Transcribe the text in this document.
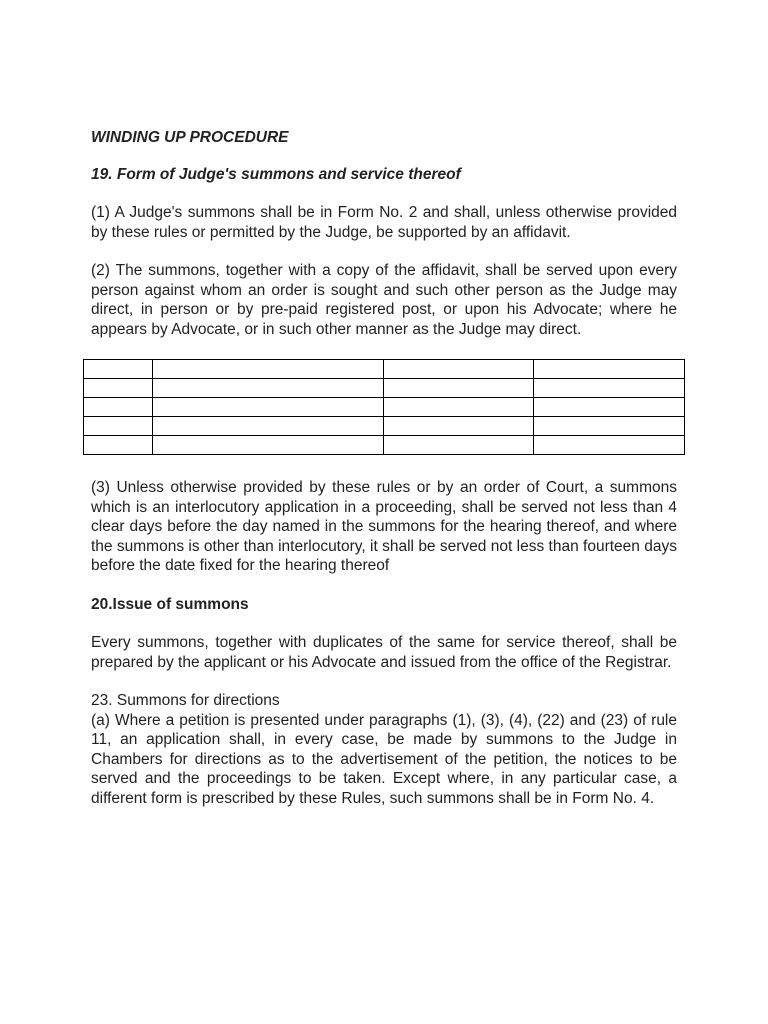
WINDING UP PROCEDURE

19. Form of Judge's summons and service thereof

(1) A Judge's summons shall be in Form No. 2 and shall, unless otherwise provided by these rules or permitted by the Judge, be supported by an affidavit.

(2) The summons, together with a copy of the affidavit, shall be served upon every person against whom an order is sought and such other person as the Judge may direct, in person or by pre-paid registered post, or upon his Advocate; where he appears by Advocate, or in such other manner as the Judge may direct.

(3) Unless otherwise provided by these rules or by an order of Court, a summons which is an interlocutory application in a proceeding, shall be served not less than 4 clear days before the day named in the summons for the hearing thereof, and where the summons is other than interlocutory, it shall be served not less than fourteen days before the date fixed for the hearing thereof

20.Issue of summons

Every summons, together with duplicates of the same for service thereof, shall be prepared by the applicant or his Advocate and issued from the office of the Registrar.

23. Summons for directions

(a) Where a petition is presented under paragraphs (1), (3), (4), (22) and (23) of rule 11, an application shall, in every case, be made by summons to the Judge in Chambers for directions as to the advertisement of the petition, the notices to be served and the proceedings to be taken. Except where, in any particular case, a different form is prescribed by these Rules, such summons shall be in Form No. 4.
